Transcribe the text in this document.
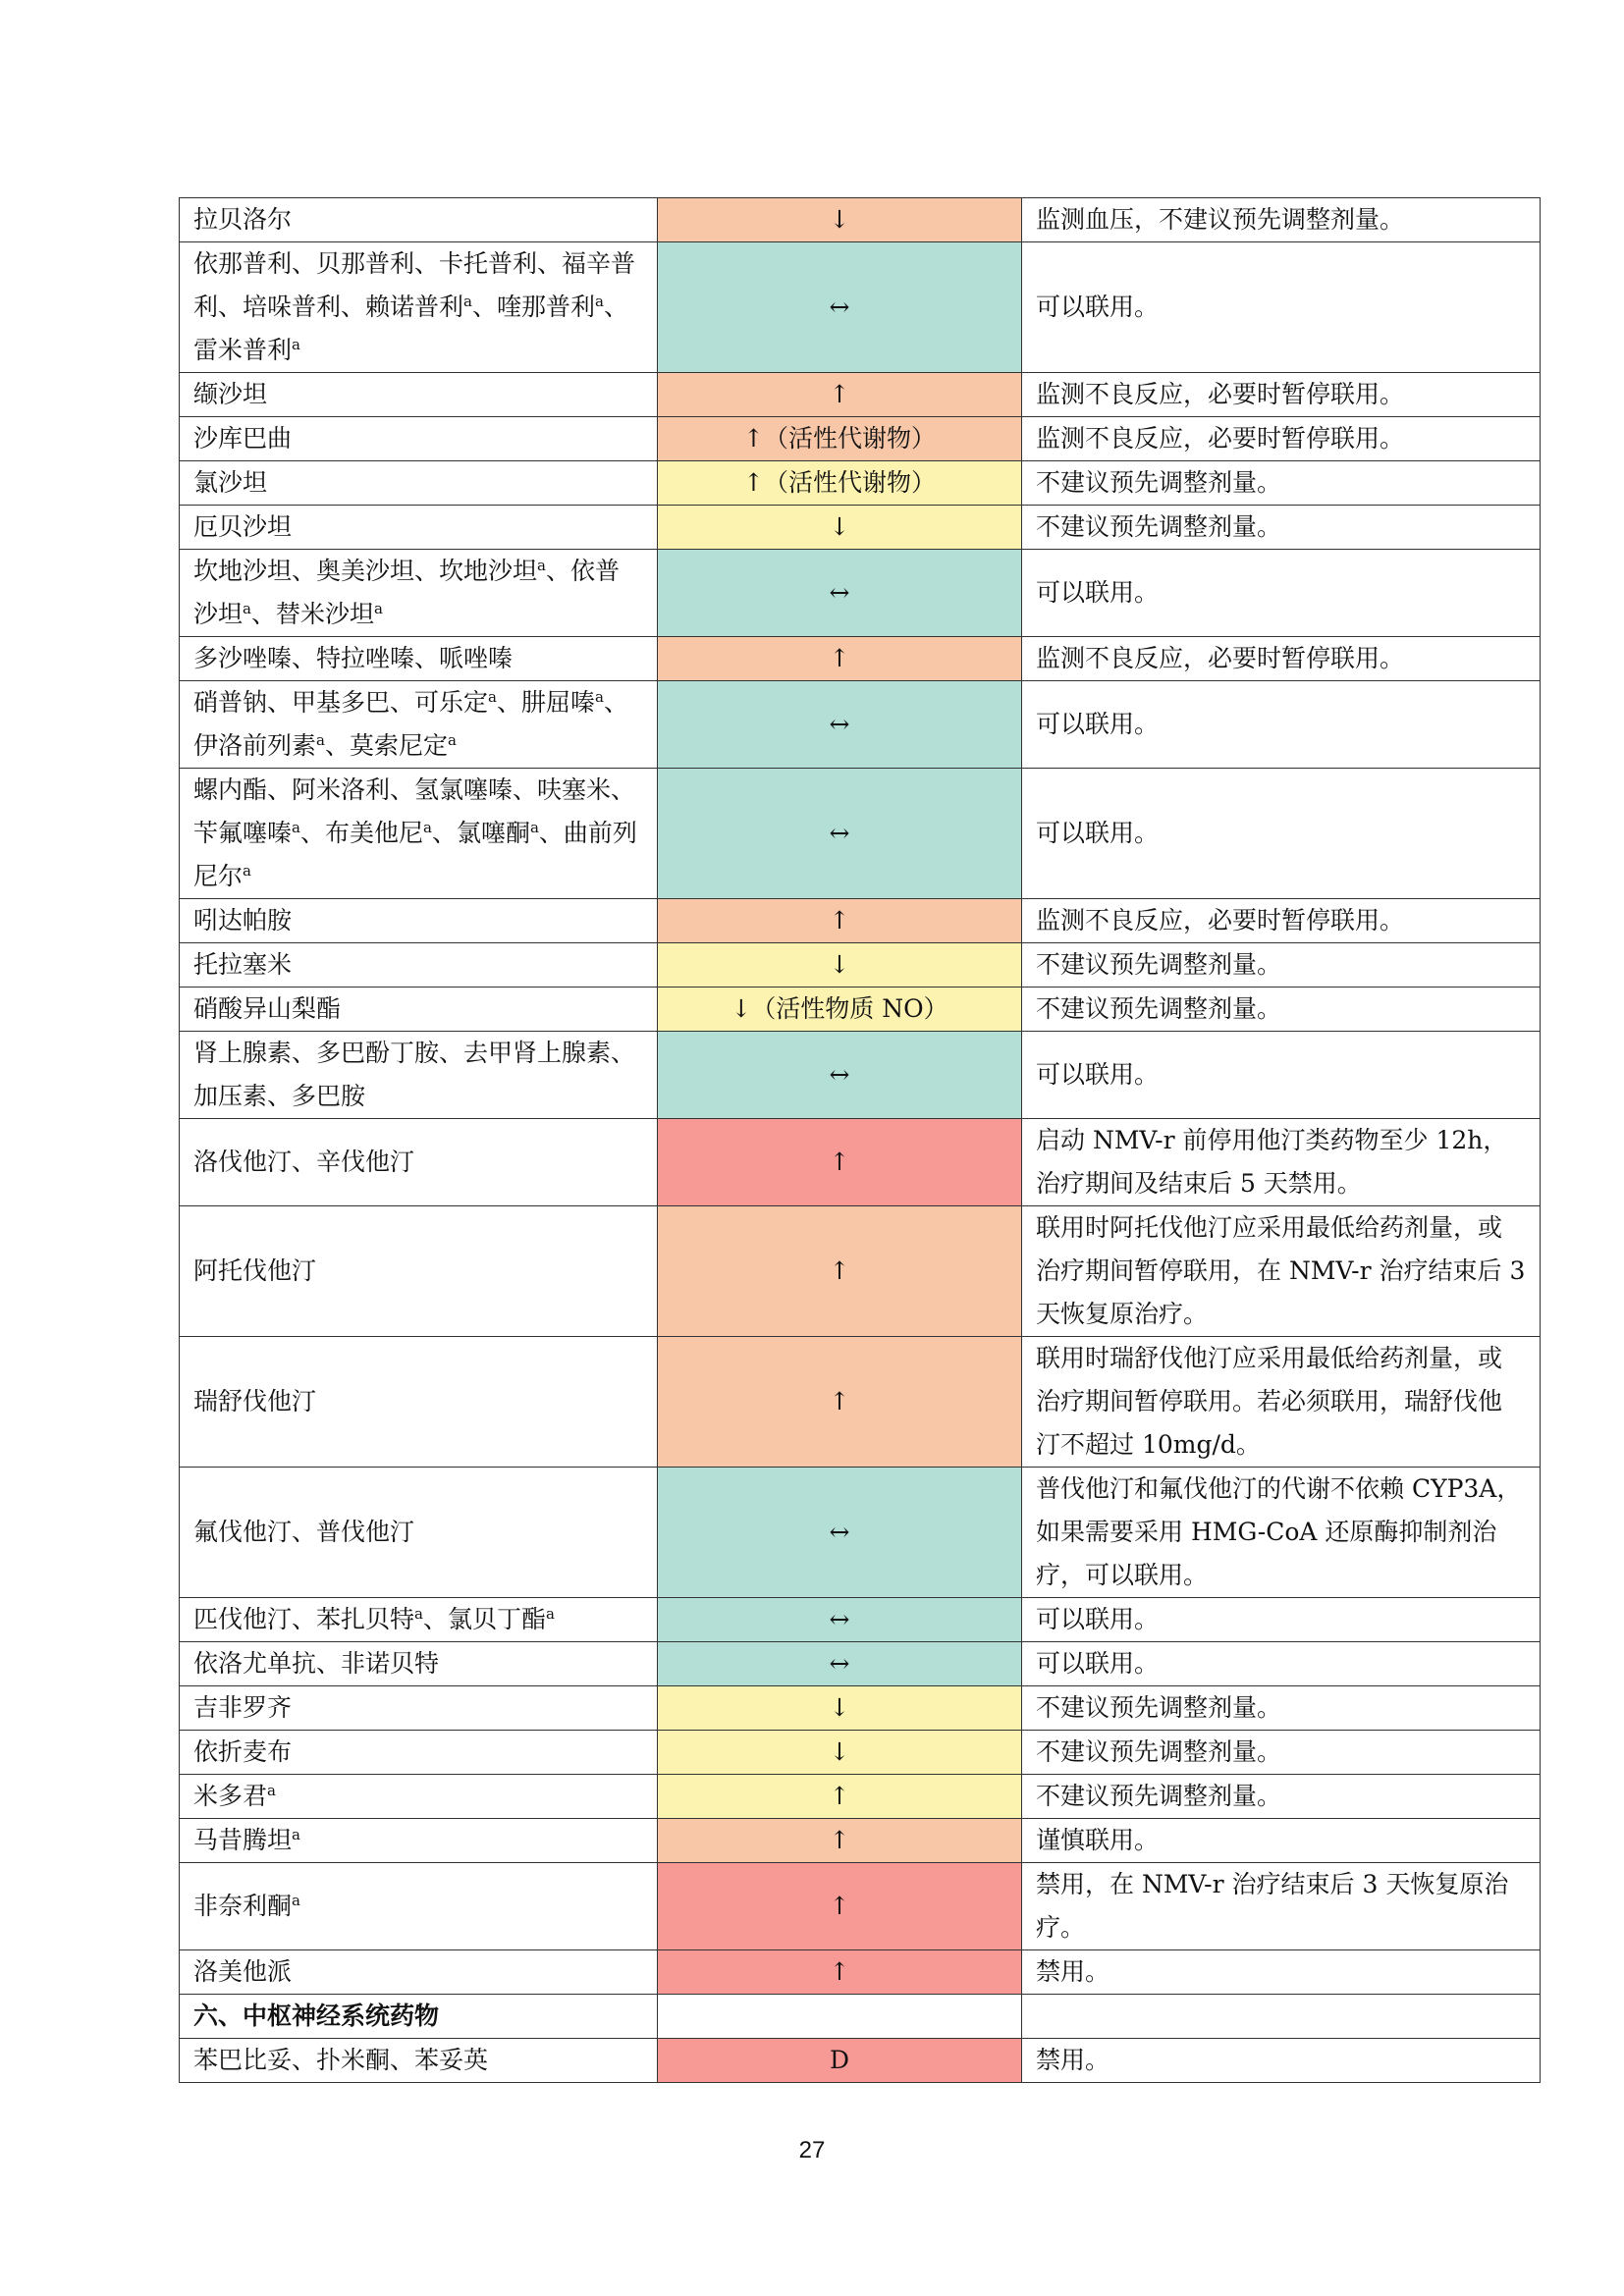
拉贝洛尔	↓	监测血压，不建议预先调整剂量。
依那普利、贝那普利、卡托普利、福辛普利、培哚普利、赖诺普利$^a$、喹那普利$^a$、雷米普利$^a$	↔	可以联用。
缬沙坦	↑	监测不良反应，必要时暂停联用。
沙库巴曲	↑（活性代谢物）	监测不良反应，必要时暂停联用。
氯沙坦	↑（活性代谢物）	不建议预先调整剂量。
厄贝沙坦	↓	不建议预先调整剂量。
坎地沙坦、奥美沙坦、坎地沙坦$^a$、依普沙坦$^a$、替米沙坦$^a$	↔	可以联用。
多沙唑嗪、特拉唑嗪、哌唑嗪	↑	监测不良反应，必要时暂停联用。
硝普钠、甲基多巴、可乐定$^a$、肼屈嗪$^a$、伊洛前列素$^a$、莫索尼定$^a$	↔	可以联用。
螺内酯、阿米洛利、氢氯噻嗪、呋塞米、苄氟噻嗪$^a$、布美他尼$^a$、氯噻酮$^a$、曲前列尼尔$^a$	↔	可以联用。
吲达帕胺	↑	监测不良反应，必要时暂停联用。
托拉塞米	↓	不建议预先调整剂量。
硝酸异山梨酯	↓（活性物质 NO）	不建议预先调整剂量。
肾上腺素、多巴酚丁胺、去甲肾上腺素、加压素、多巴胺	↔	可以联用。
洛伐他汀、辛伐他汀	↑	启动 NMV-r 前停用他汀类药物至少 12h，治疗期间及结束后 5 天禁用。
阿托伐他汀	↑	联用时阿托伐他汀应采用最低给药剂量，或治疗期间暂停联用，在 NMV-r 治疗结束后 3 天恢复原治疗。
瑞舒伐他汀	↑	联用时瑞舒伐他汀应采用最低给药剂量，或治疗期间暂停联用。若必须联用，瑞舒伐他汀不超过 10mg/d。
氟伐他汀、普伐他汀	↔	普伐他汀和氟伐他汀的代谢不依赖 CYP3A，如果需要采用 HMG-CoA 还原酶抑制剂治疗，可以联用。
匹伐他汀、苯扎贝特$^a$、氯贝丁酯$^a$	↔	可以联用。
依洛尤单抗、非诺贝特	↔	可以联用。
吉非罗齐	↓	不建议预先调整剂量。
依折麦布	↓	不建议预先调整剂量。
米多君$^a$	↑	不建议预先调整剂量。
马昔腾坦$^a$	↑	谨慎联用。
非奈利酮$^a$	↑	禁用，在 NMV-r 治疗结束后 3 天恢复原治疗。
洛美他派	↑	禁用。
六、中枢神经系统药物		
苯巴比妥、扑米酮、苯妥英	D	禁用。
27
